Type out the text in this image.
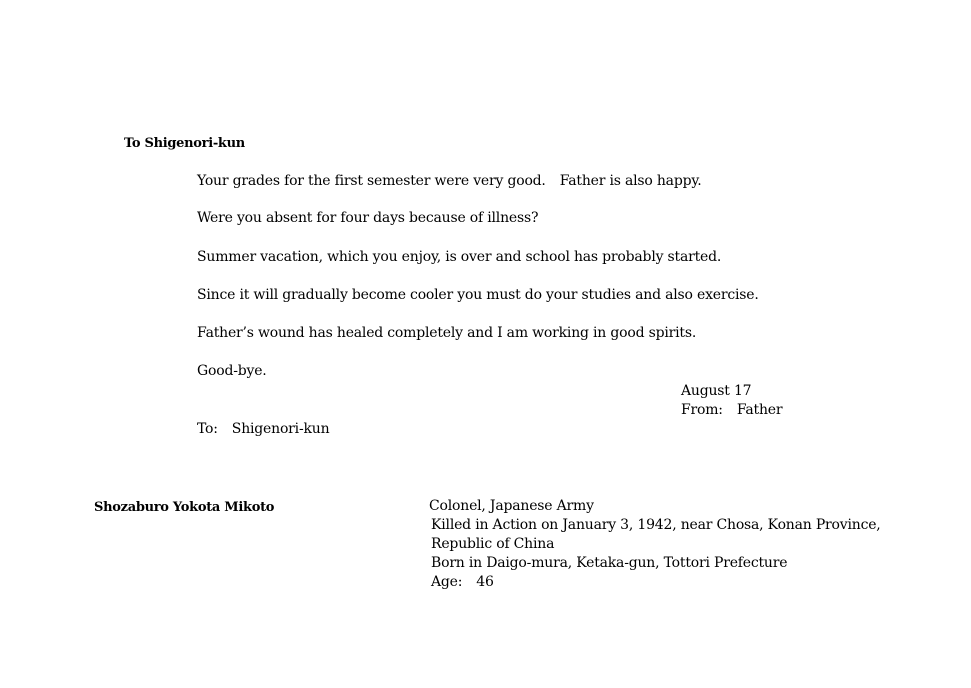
To Shigenori-kun
Your grades for the first semester were very good. Father is also happy.
Were you absent for four days because of illness?
Summer vacation, which you enjoy, is over and school has probably started.
Since it will gradually become cooler you must do your studies and also exercise.
Father’s wound has healed completely and I am working in good spirits.
Good-bye.
August 17
From: Father
To: Shigenori-kun
Shozaburo Yokota Mikoto	Colonel, Japanese Army
Killed in Action on January 3, 1942, near Chosa, Konan Province,
Republic of China
Born in Daigo-mura, Ketaka-gun, Tottori Prefecture
Age: 46
